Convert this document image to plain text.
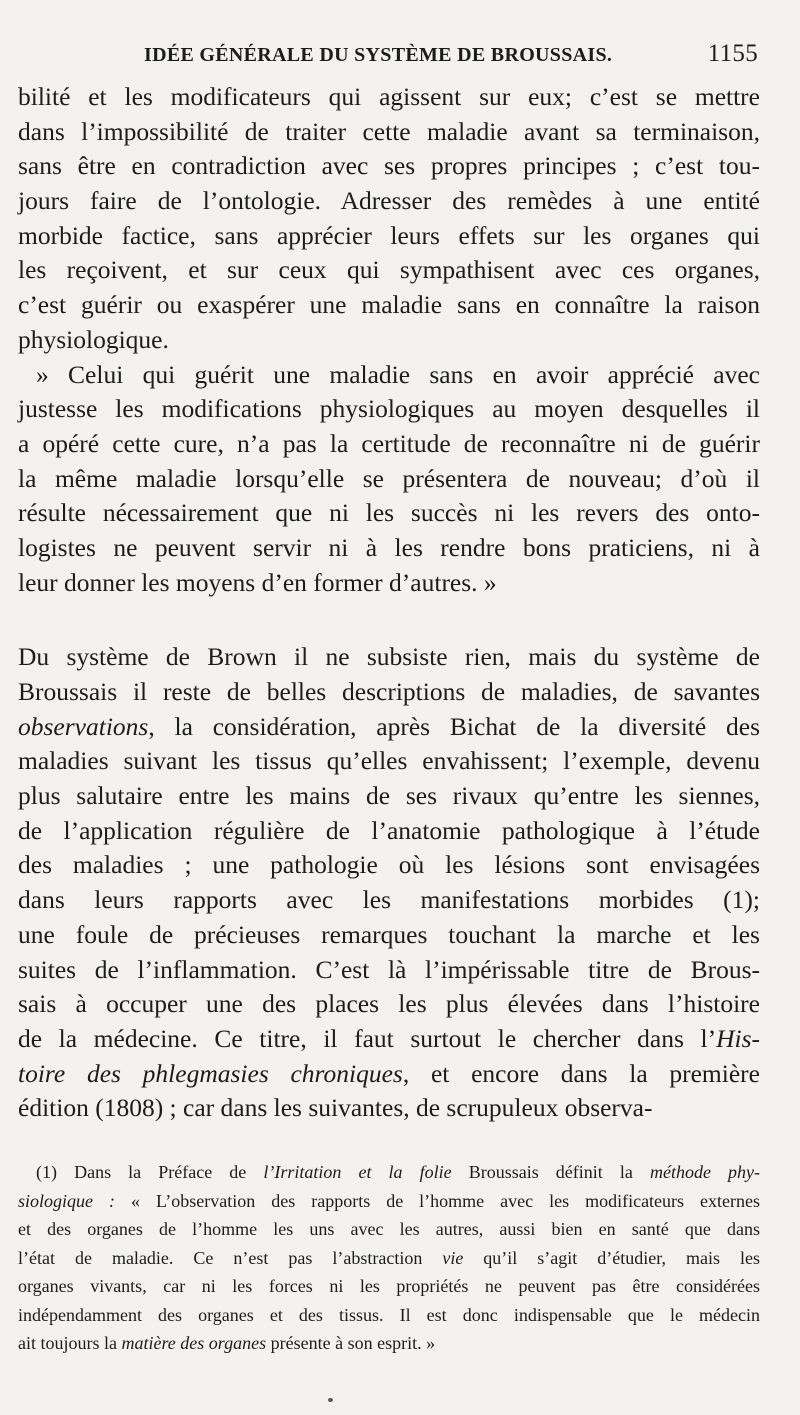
IDÉE GÉNÉRALE DU SYSTÈME DE BROUSSAIS.	1155
bilité et les modificateurs qui agissent sur eux; c’est se mettre
dans l’impossibilité de traiter cette maladie avant sa terminaison,
sans être en contradiction avec ses propres principes ; c’est tou-
jours faire de l’ontologie. Adresser des remèdes à une entité
morbide factice, sans apprécier leurs effets sur les organes qui
les reçoivent, et sur ceux qui sympathisent avec ces organes,
c’est guérir ou exaspérer une maladie sans en connaître la raison
physiologique.
» Celui qui guérit une maladie sans en avoir apprécié avec
justesse les modifications physiologiques au moyen desquelles il
a opéré cette cure, n’a pas la certitude de reconnaître ni de guérir
la même maladie lorsqu’elle se présentera de nouveau; d’où il
résulte nécessairement que ni les succès ni les revers des onto-
logistes ne peuvent servir ni à les rendre bons praticiens, ni à
leur donner les moyens d’en former d’autres. »
Du système de Brown il ne subsiste rien, mais du système de
Broussais il reste de belles descriptions de maladies, de savantes
observations, la considération, après Bichat de la diversité des
maladies suivant les tissus qu’elles envahissent; l’exemple, devenu
plus salutaire entre les mains de ses rivaux qu’entre les siennes,
de l’application régulière de l’anatomie pathologique à l’étude
des maladies ; une pathologie où les lésions sont envisagées
dans leurs rapports avec les manifestations morbides (1);
une foule de précieuses remarques touchant la marche et les
suites de l’inflammation. C’est là l’impérissable titre de Brous-
sais à occuper une des places les plus élevées dans l’histoire
de la médecine. Ce titre, il faut surtout le chercher dans l’His-
toire des phlegmasies chroniques, et encore dans la première
édition (1808) ; car dans les suivantes, de scrupuleux observa-
(1) Dans la Préface de l’Irritation et la folie Broussais définit la méthode phy-
siologique : « L’observation des rapports de l’homme avec les modificateurs externes
et des organes de l’homme les uns avec les autres, aussi bien en santé que dans
l’état de maladie. Ce n’est pas l’abstraction vie qu’il s’agit d’étudier, mais les
organes vivants, car ni les forces ni les propriétés ne peuvent pas être considérées
indépendamment des organes et des tissus. Il est donc indispensable que le médecin
ait toujours la matière des organes présente à son esprit. »
